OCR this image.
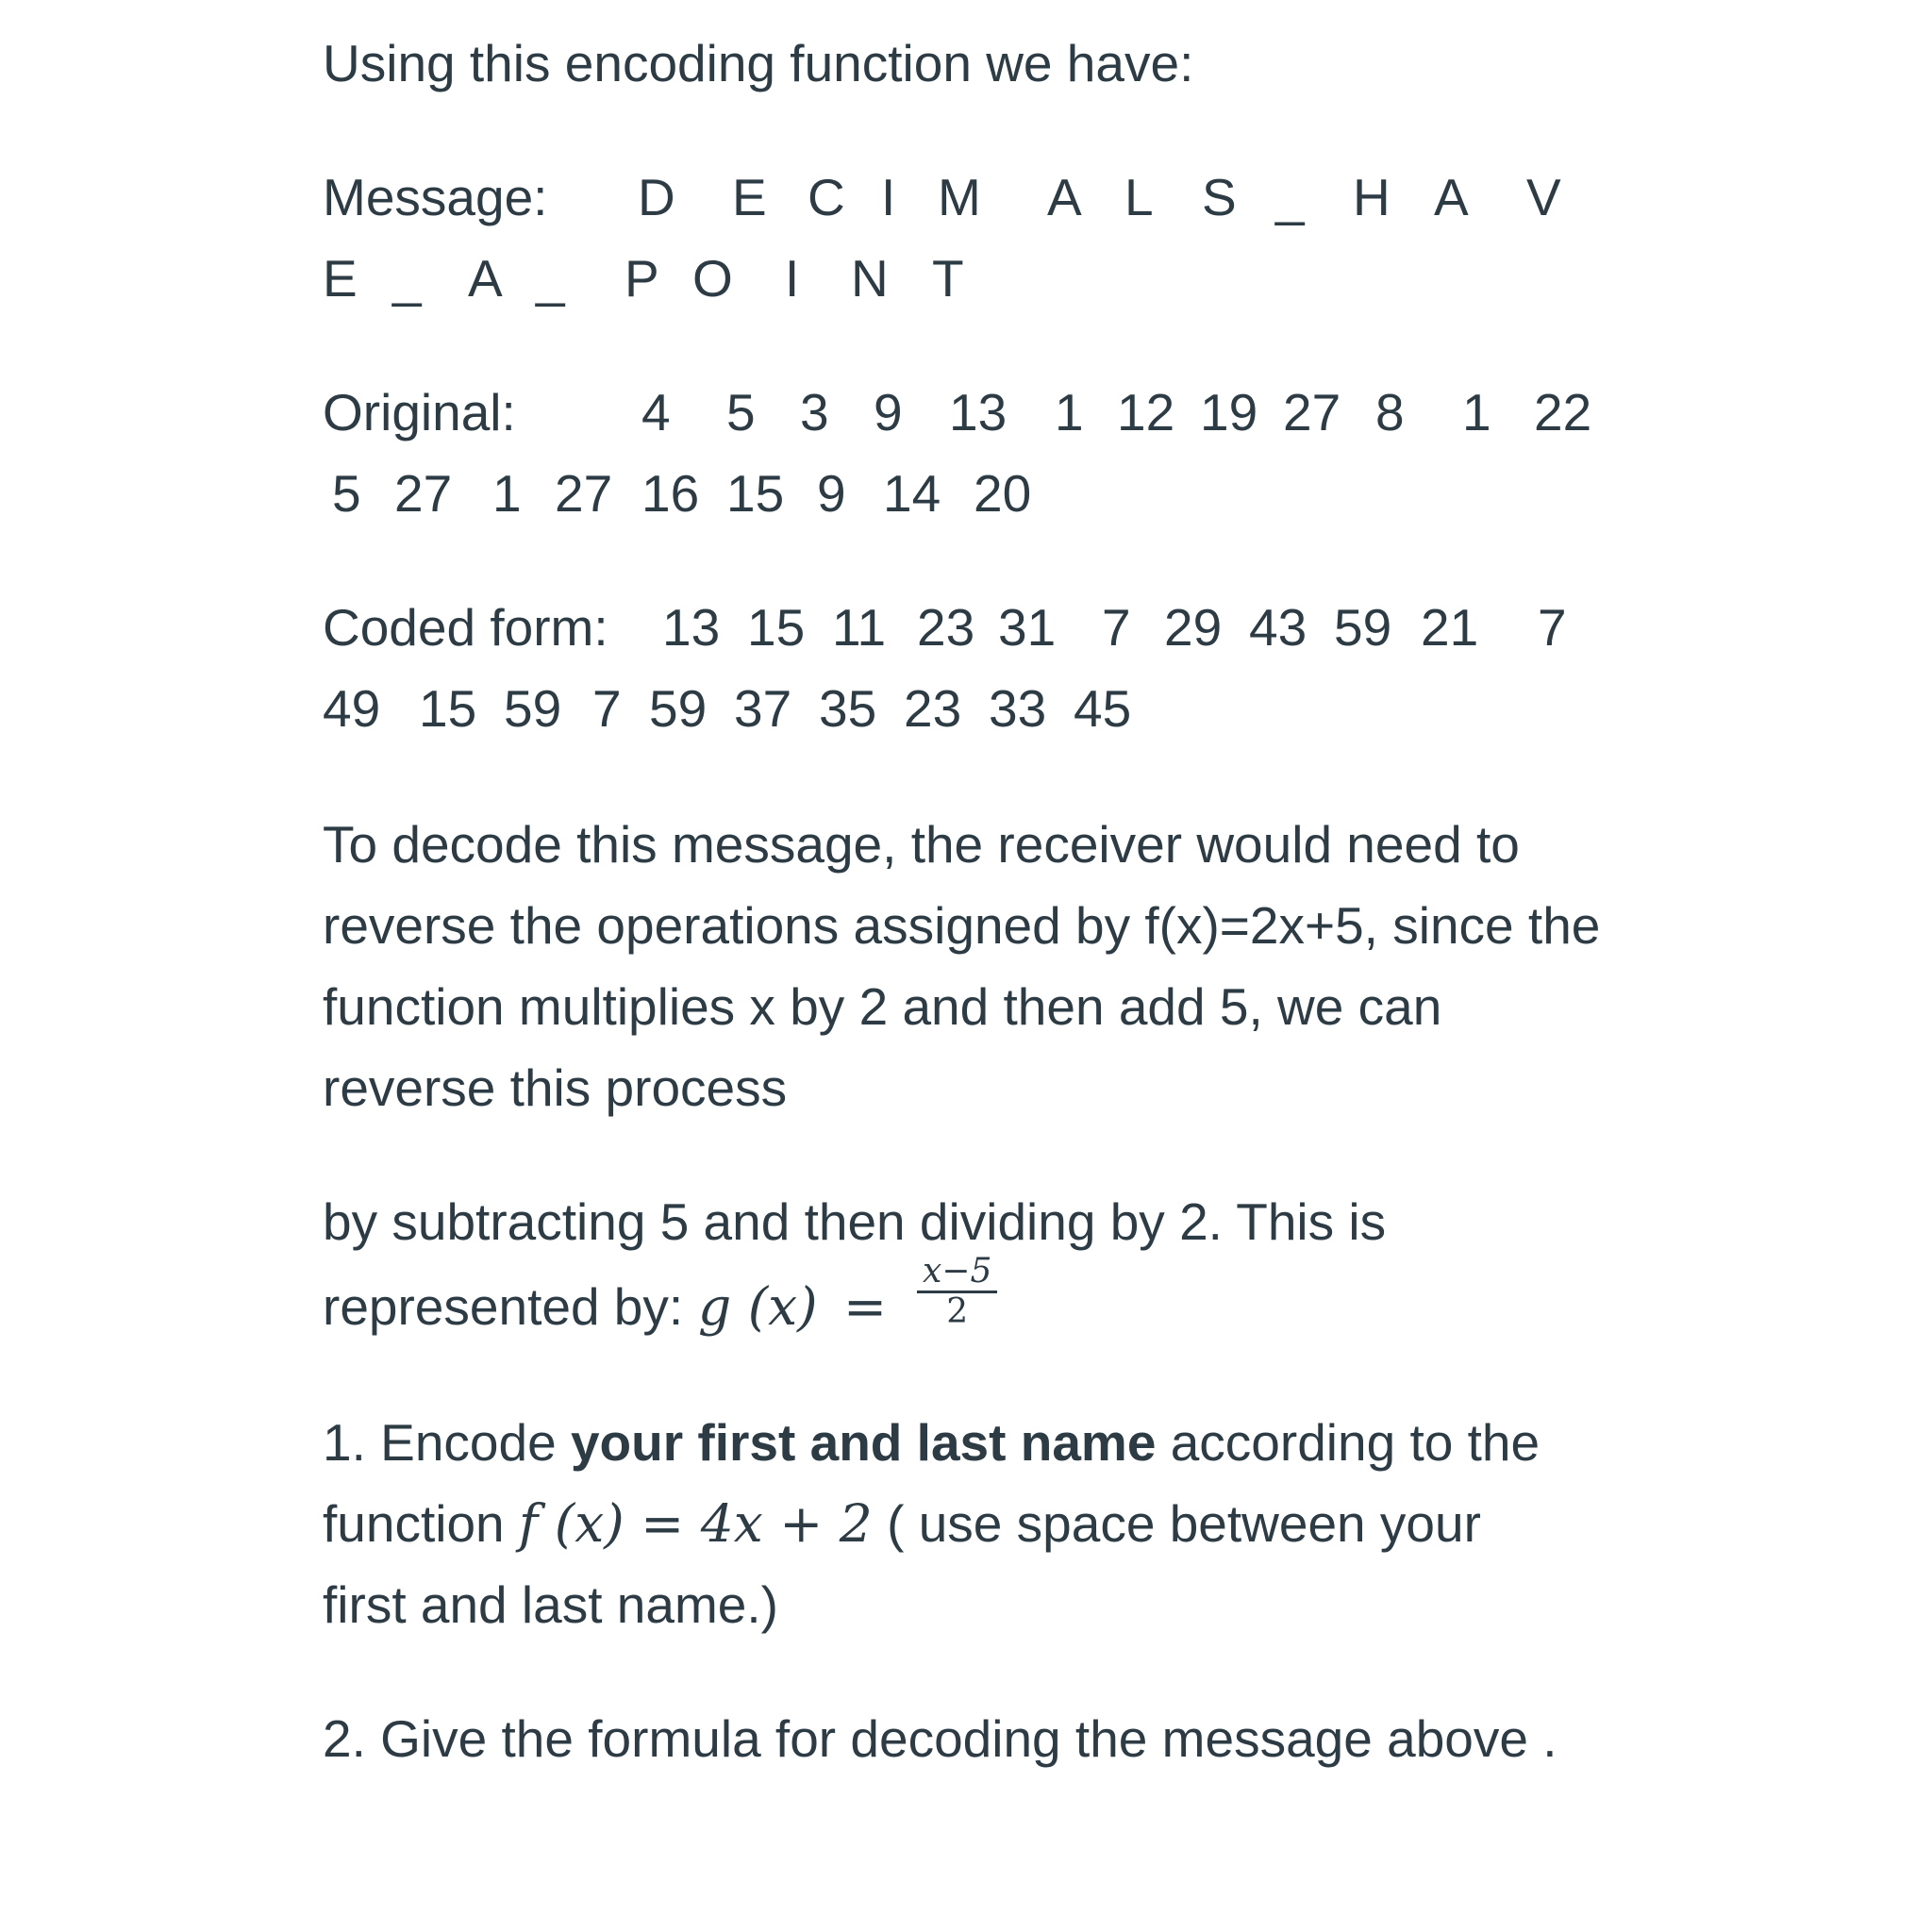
Using this encoding function we have:
Message: D E C I M A L S _ H A V
E _ A _ P O I N T
Original: 4 5 3 9 13 1 12 19 27 8 1 22
5 27 1 27 16 15 9 14 20
Coded form: 13 15 11 23 31 7 29 43 59 21 7
49 15 59 7 59 37 35 23 33 45
To decode this message, the receiver would need to
reverse the operations assigned by f(x)=2x+5, since the
function multiplies x by 2 and then add 5, we can
reverse this process
by subtracting 5 and then dividing by 2. This is
represented by: g $(x) = \frac{x-5}{2}$
1. Encode your first and last name according to the
function f (x) = 4x + 2 ( use space between your
first and last name.)
2. Give the formula for decoding the message above .
